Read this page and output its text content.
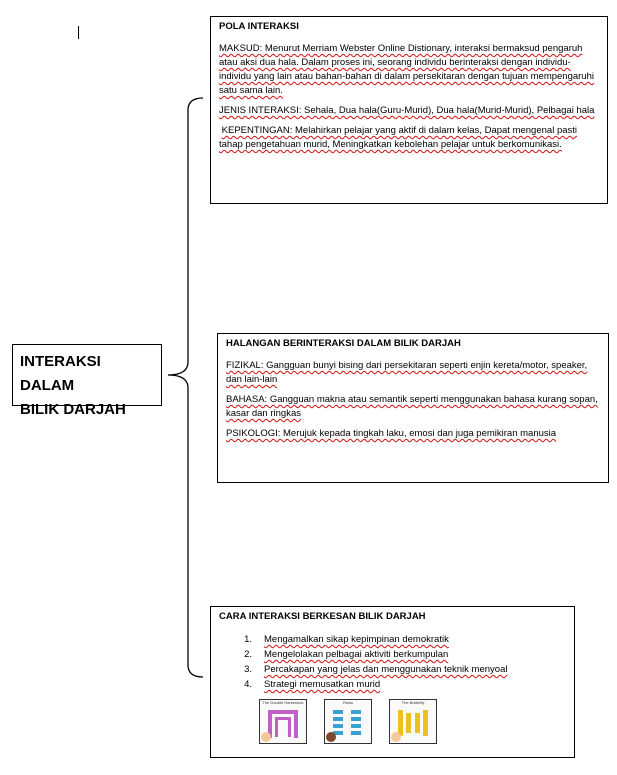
INTERAKSI DALAM
BILIK DARJAH

POLA INTERAKSI

MAKSUD: Menurut Merriam Webster Online Distionary, interaksi bermaksud pengaruh atau aksi dua hala. Dalam proses ini, seorang individu berinteraksi dengan individu-individu yang lain atau bahan-bahan di dalam persekitaran dengan tujuan mempengaruhi satu sama lain.

JENIS INTERAKSI: Sehala, Dua hala(Guru-Murid), Dua hala(Murid-Murid), Pelbagai hala

KEPENTINGAN: Melahirkan pelajar yang aktif di dalam kelas, Dapat mengenal pasti tahap pengetahuan murid, Meningkatkan kebolehan pelajar untuk berkomunikasi.

HALANGAN BERINTERAKSI DALAM BILIK DARJAH

FIZIKAL: Gangguan bunyi bising dari persekitaran seperti enjin kereta/motor, speaker, dan lain-lain

BAHASA: Gangguan makna atau semantik seperti menggunakan bahasa kurang sopan, kasar dan ringkas

PSIKOLOGI: Merujuk kepada tingkah laku, emosi dan juga pemikiran manusia

CARA INTERAKSI BERKESAN BILIK DARJAH

1.	Mengamalkan sikap kepimpinan demokratik
2.	Mengelolakan pelbagai aktiviti berkumpulan
3.	Percakapan yang jelas dan menggunakan teknik menyoal
4.	Strategi memusatkan murid
The Double Horseshoe	Rows	The Butterfly
